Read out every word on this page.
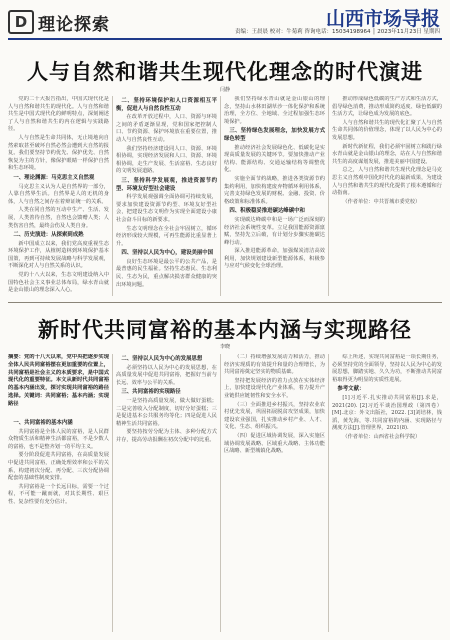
D 理论探索	山西市场导报
责编：王晨晨 校对：牛菊莉 咨询电话：15034198964 │ 2023年11月23日 星期四
人与自然和谐共生现代化理念的时代演进
闫静

党的二十大报告指出，中国式现代化是人与自然和谐共生的现代化。人与自然和谐共生是中国式现代化的鲜明特点，深刻阐述了人与自然和谐共生的内在逻辑与实践路径。

人与自然是生命共同体，无止境地向自然索取甚至破坏自然必然会遭到大自然的报复。我们要坚持节约优先、保护优先、自然恢复为主的方针，像保护眼睛一样保护自然和生态环境。

一、理论渊源：马克思主义自然观

马克思主义认为人是自然界的一部分，人靠自然界生活。自然界是人的无机的身体，人与自然之间存在着辩证统一的关系。

人类在同自然的互动中生产、生活、发展，人类善待自然，自然也会馈赠人类；人类伤害自然，最终会伤及人类自身。

二、历史演进：从探索到成熟

新中国成立以来，我们党高度重视生态环境保护工作，从植树造林到环境保护基本国策，再到可持续发展战略与科学发展观，不断深化对人与自然关系的认识。

党的十八大以来，生态文明建设纳入中国特色社会主义事业总体布局，绿水青山就是金山银山的理念深入人心。

二、坚持环境保护和人口资源相互平衡，促进人与自然良性互动

在改革开放过程中，人口、资源与环境之间的矛盾逐渐显现，党和国家把控制人口、节约资源、保护环境放在重要位置，推动人与自然良性互动。

我们坚持经济建设同人口、资源、环境相协调，实现经济发展和人口、资源、环境相协调，走生产发展、生活富裕、生态良好的文明发展道路。

三、坚持科学发展观，推进资源节约型、环境友好型社会建设

科学发展观强调全面协调可持续发展，要求加快建设资源节约型、环境友好型社会，把建设生态文明作为实现全面建设小康社会奋斗目标的新要求。

生态文明理念在全社会牢固树立，循环经济形成较大规模，可再生能源比重显著上升。

四、坚持以人民为中心，建设美丽中国

良好生态环境是最公平的公共产品，是最普惠的民生福祉。坚持生态惠民、生态利民、生态为民，重点解决损害群众健康的突出环境问题。

我们坚持绿水青山就是金山银山的理念，坚持山水林田湖草沙一体化保护和系统治理，全方位、全地域、全过程加强生态环境保护。

三、坚持绿色发展理念，加快发展方式绿色转型

推动经济社会发展绿色化、低碳化是实现高质量发展的关键环节。要加快推动产业结构、能源结构、交通运输结构等调整优化。

实施全面节约战略，推进各类资源节约集约利用，加快构建废弃物循环利用体系，完善支持绿色发展的财税、金融、投资、价格政策和标准体系。

四、积极稳妥推进碳达峰碳中和

实现碳达峰碳中和是一场广泛而深刻的经济社会系统性变革。立足我国能源资源禀赋，坚持先立后破，有计划分步骤实施碳达峰行动。

深入推进能源革命，加强煤炭清洁高效利用，加快规划建设新型能源体系，积极参与应对气候变化全球治理。

推动形成绿色低碳的生产方式和生活方式，倡导绿色消费，推动形成简约适度、绿色低碳的生活方式，让绿色成为发展的底色。

人与自然和谐共生的现代化汇聚了人与自然生命共同体的价值理念，体现了以人民为中心的发展思想。

新时代新征程，我们必须牢固树立和践行绿水青山就是金山银山的理念，站在人与自然和谐共生的高度谋划发展，推进美丽中国建设。

总之，人与自然和谐共生现代化理念是马克思主义自然观中国化时代化的最新成果，为建设人与自然和谐共生的现代化提供了根本遵循和行动指南。

（作者单位：中共晋城市委党校）

新时代共同富裕的基本内涵与实现路径
李晓
摘要：党的十八大以来，党中央把逐步实现全体人民共同富裕摆在更加重要的位置上，共同富裕是社会主义的本质要求，是中国式现代化的重要特征。本文从新时代共同富裕的基本内涵出发，探讨实现共同富裕的路径选择。关键词：共同富裕；基本内涵；实现路径
一、共同富裕的基本内涵

共同富裕是全体人民的富裕，是人民群众物质生活和精神生活都富裕，不是少数人的富裕，也不是整齐划一的平均主义。

要分阶段促进共同富裕，在高质量发展中促进共同富裕，正确处理效率和公平的关系，构建初次分配、再分配、三次分配协调配套的基础性制度安排。

共同富裕是一个长远目标，需要一个过程，不可能一蹴而就，对其长期性、艰巨性、复杂性要有充分估计。

二、坚持以人民为中心的发展思想

必须坚持以人民为中心的发展思想，在高质量发展中促进共同富裕，把握好当前与长远、效率与公平的关系。

三、共同富裕的实现路径

一是坚持高质量发展，做大做好蛋糕；二是完善收入分配制度，切好分好蛋糕；三是促进基本公共服务均等化；四是促进人民精神生活共同富裕。

要坚持按劳分配为主体、多种分配方式并存，提高劳动报酬在初次分配中的比重。

（二）持续增强发展动力和活力，推动经济实现质的有效提升和量的合理增长，为共同富裕奠定坚实的物质基础。

坚持把发展经济的着力点放在实体经济上，加快建设现代化产业体系，着力提升产业链供应链韧性和安全水平。

（三）全面推进乡村振兴，坚持农业农村优先发展，巩固拓展脱贫攻坚成果，加快建设农业强国，扎实推动乡村产业、人才、文化、生态、组织振兴。

（四）促进区域协调发展，深入实施区域协调发展战略、区域重大战略、主体功能区战略、新型城镇化战略。

综上所述，实现共同富裕是一项长期任务，必须坚持党的全面领导，坚持以人民为中心的发展思想，脚踏实地、久久为功，不断推动共同富裕取得更为明显的实质性进展。

参考文献：

[1]习近平.扎实推动共同富裕[J].求是，2021(20). [2]习近平谈治国理政（第四卷）[M].北京：外文出版社，2022. [3]刘培林，钱滔，黄先海，等.共同富裕的内涵、实现路径与测度方法[J].管理世界，2021(8).

（作者单位：山西省社会科学院）
